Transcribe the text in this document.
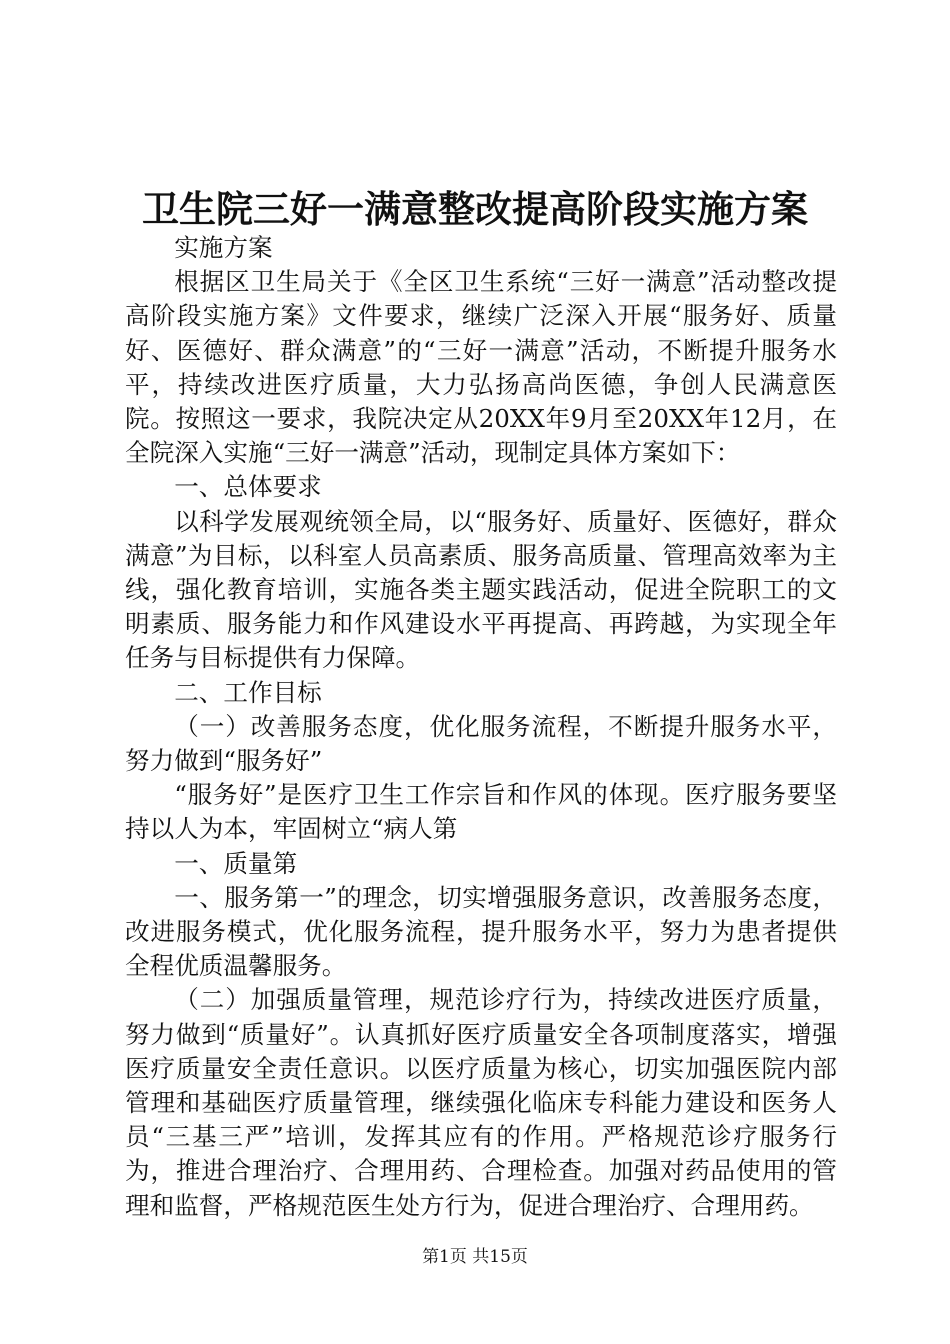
卫生院三好一满意整改提高阶段实施方案

实施方案

根据区卫生局关于《全区卫生系统“三好一满意”活动整改提高阶段实施方案》文件要求，继续广泛深入开展“服务好、质量好、医德好、群众满意”的“三好一满意”活动，不断提升服务水平，持续改进医疗质量，大力弘扬高尚医德，争创人民满意医院。按照这一要求，我院决定从20XX年9月至20XX年12月，在全院深入实施“三好一满意”活动，现制定具体方案如下：

一、总体要求

以科学发展观统领全局，以“服务好、质量好、医德好，群众满意”为目标，以科室人员高素质、服务高质量、管理高效率为主线，强化教育培训，实施各类主题实践活动，促进全院职工的文明素质、服务能力和作风建设水平再提高、再跨越，为实现全年任务与目标提供有力保障。

二、工作目标

（一）改善服务态度，优化服务流程，不断提升服务水平，努力做到“服务好”

“服务好”是医疗卫生工作宗旨和作风的体现。医疗服务要坚持以人为本，牢固树立“病人第

一、质量第

一、服务第一”的理念，切实增强服务意识，改善服务态度，改进服务模式，优化服务流程，提升服务水平，努力为患者提供全程优质温馨服务。

（二）加强质量管理，规范诊疗行为，持续改进医疗质量，努力做到“质量好”。认真抓好医疗质量安全各项制度落实，增强医疗质量安全责任意识。以医疗质量为核心，切实加强医院内部管理和基础医疗质量管理，继续强化临床专科能力建设和医务人员“三基三严”培训，发挥其应有的作用。严格规范诊疗服务行为，推进合理治疗、合理用药、合理检查。加强对药品使用的管理和监督，严格规范医生处方行为，促进合理治疗、合理用药。

第1页 共15页
